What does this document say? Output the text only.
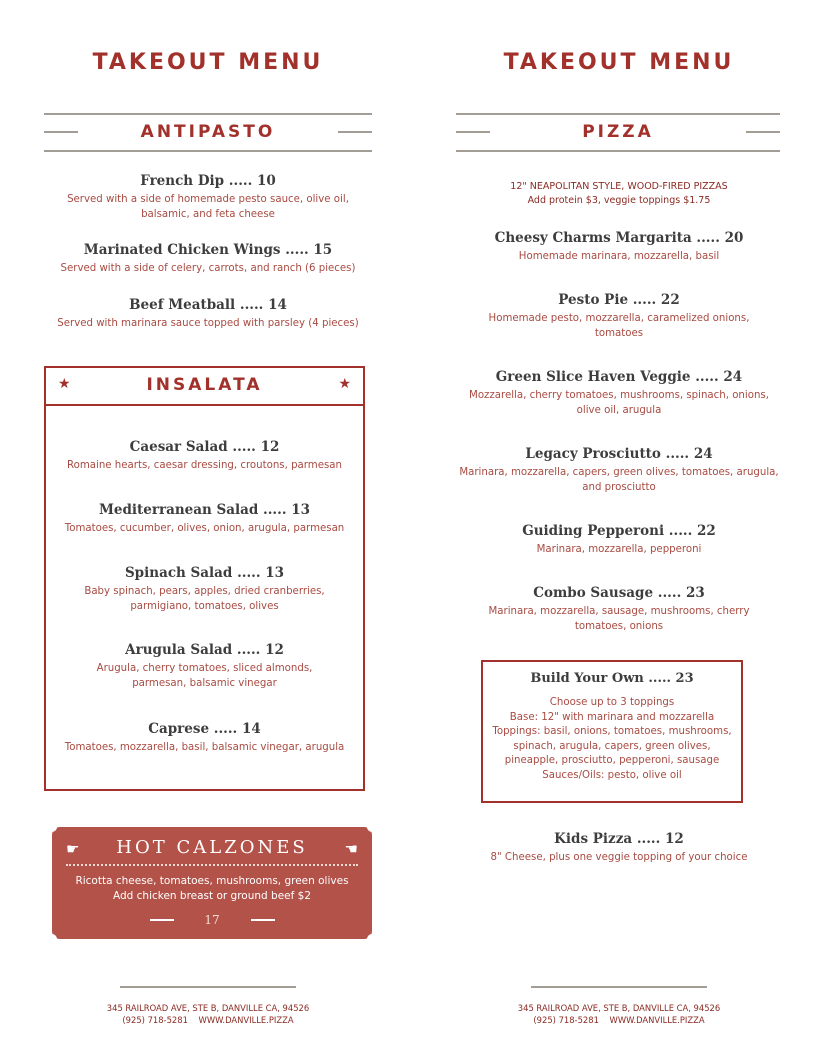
TAKEOUT MENU
ANTIPASTO
French Dip ..... 10
Served with a side of homemade pesto sauce, olive oil, balsamic, and feta cheese
Marinated Chicken Wings ..... 15
Served with a side of celery, carrots, and ranch (6 pieces)
Beef Meatball ..... 14
Served with marinara sauce topped with parsley (4 pieces)
★	INSALATA	★
Caesar Salad ..... 12
Romaine hearts, caesar dressing, croutons, parmesan
Mediterranean Salad ..... 13
Tomatoes, cucumber, olives, onion, arugula, parmesan
Spinach Salad ..... 13
Baby spinach, pears, apples, dried cranberries, parmigiano, tomatoes, olives
Arugula Salad ..... 12
Arugula, cherry tomatoes, sliced almonds, parmesan, balsamic vinegar
Caprese ..... 14
Tomatoes, mozzarella, basil, balsamic vinegar, arugula
☛	HOT CALZONES	☚
Ricotta cheese, tomatoes, mushrooms, green olives
Add chicken breast or ground beef $2
17
345 RAILROAD AVE, STE B, DANVILLE CA, 94526
(925) 718-5281    WWW.DANVILLE.PIZZA
TAKEOUT MENU
PIZZA
12" NEAPOLITAN STYLE, WOOD-FIRED PIZZAS
Add protein $3, veggie toppings $1.75
Cheesy Charms Margarita ..... 20
Homemade marinara, mozzarella, basil
Pesto Pie ..... 22
Homemade pesto, mozzarella, caramelized onions, tomatoes
Green Slice Haven Veggie ..... 24
Mozzarella, cherry tomatoes, mushrooms, spinach, onions, olive oil, arugula
Legacy Prosciutto ..... 24
Marinara, mozzarella, capers, green olives, tomatoes, arugula, and prosciutto
Guiding Pepperoni ..... 22
Marinara, mozzarella, pepperoni
Combo Sausage ..... 23
Marinara, mozzarella, sausage, mushrooms, cherry tomatoes, onions
Build Your Own ..... 23
Choose up to 3 toppings
Base: 12" with marinara and mozzarella
Toppings: basil, onions, tomatoes, mushrooms, spinach, arugula, capers, green olives, pineapple, prosciutto, pepperoni, sausage
Sauces/Oils: pesto, olive oil
Kids Pizza ..... 12
8" Cheese, plus one veggie topping of your choice
345 RAILROAD AVE, STE B, DANVILLE CA, 94526
(925) 718-5281    WWW.DANVILLE.PIZZA
